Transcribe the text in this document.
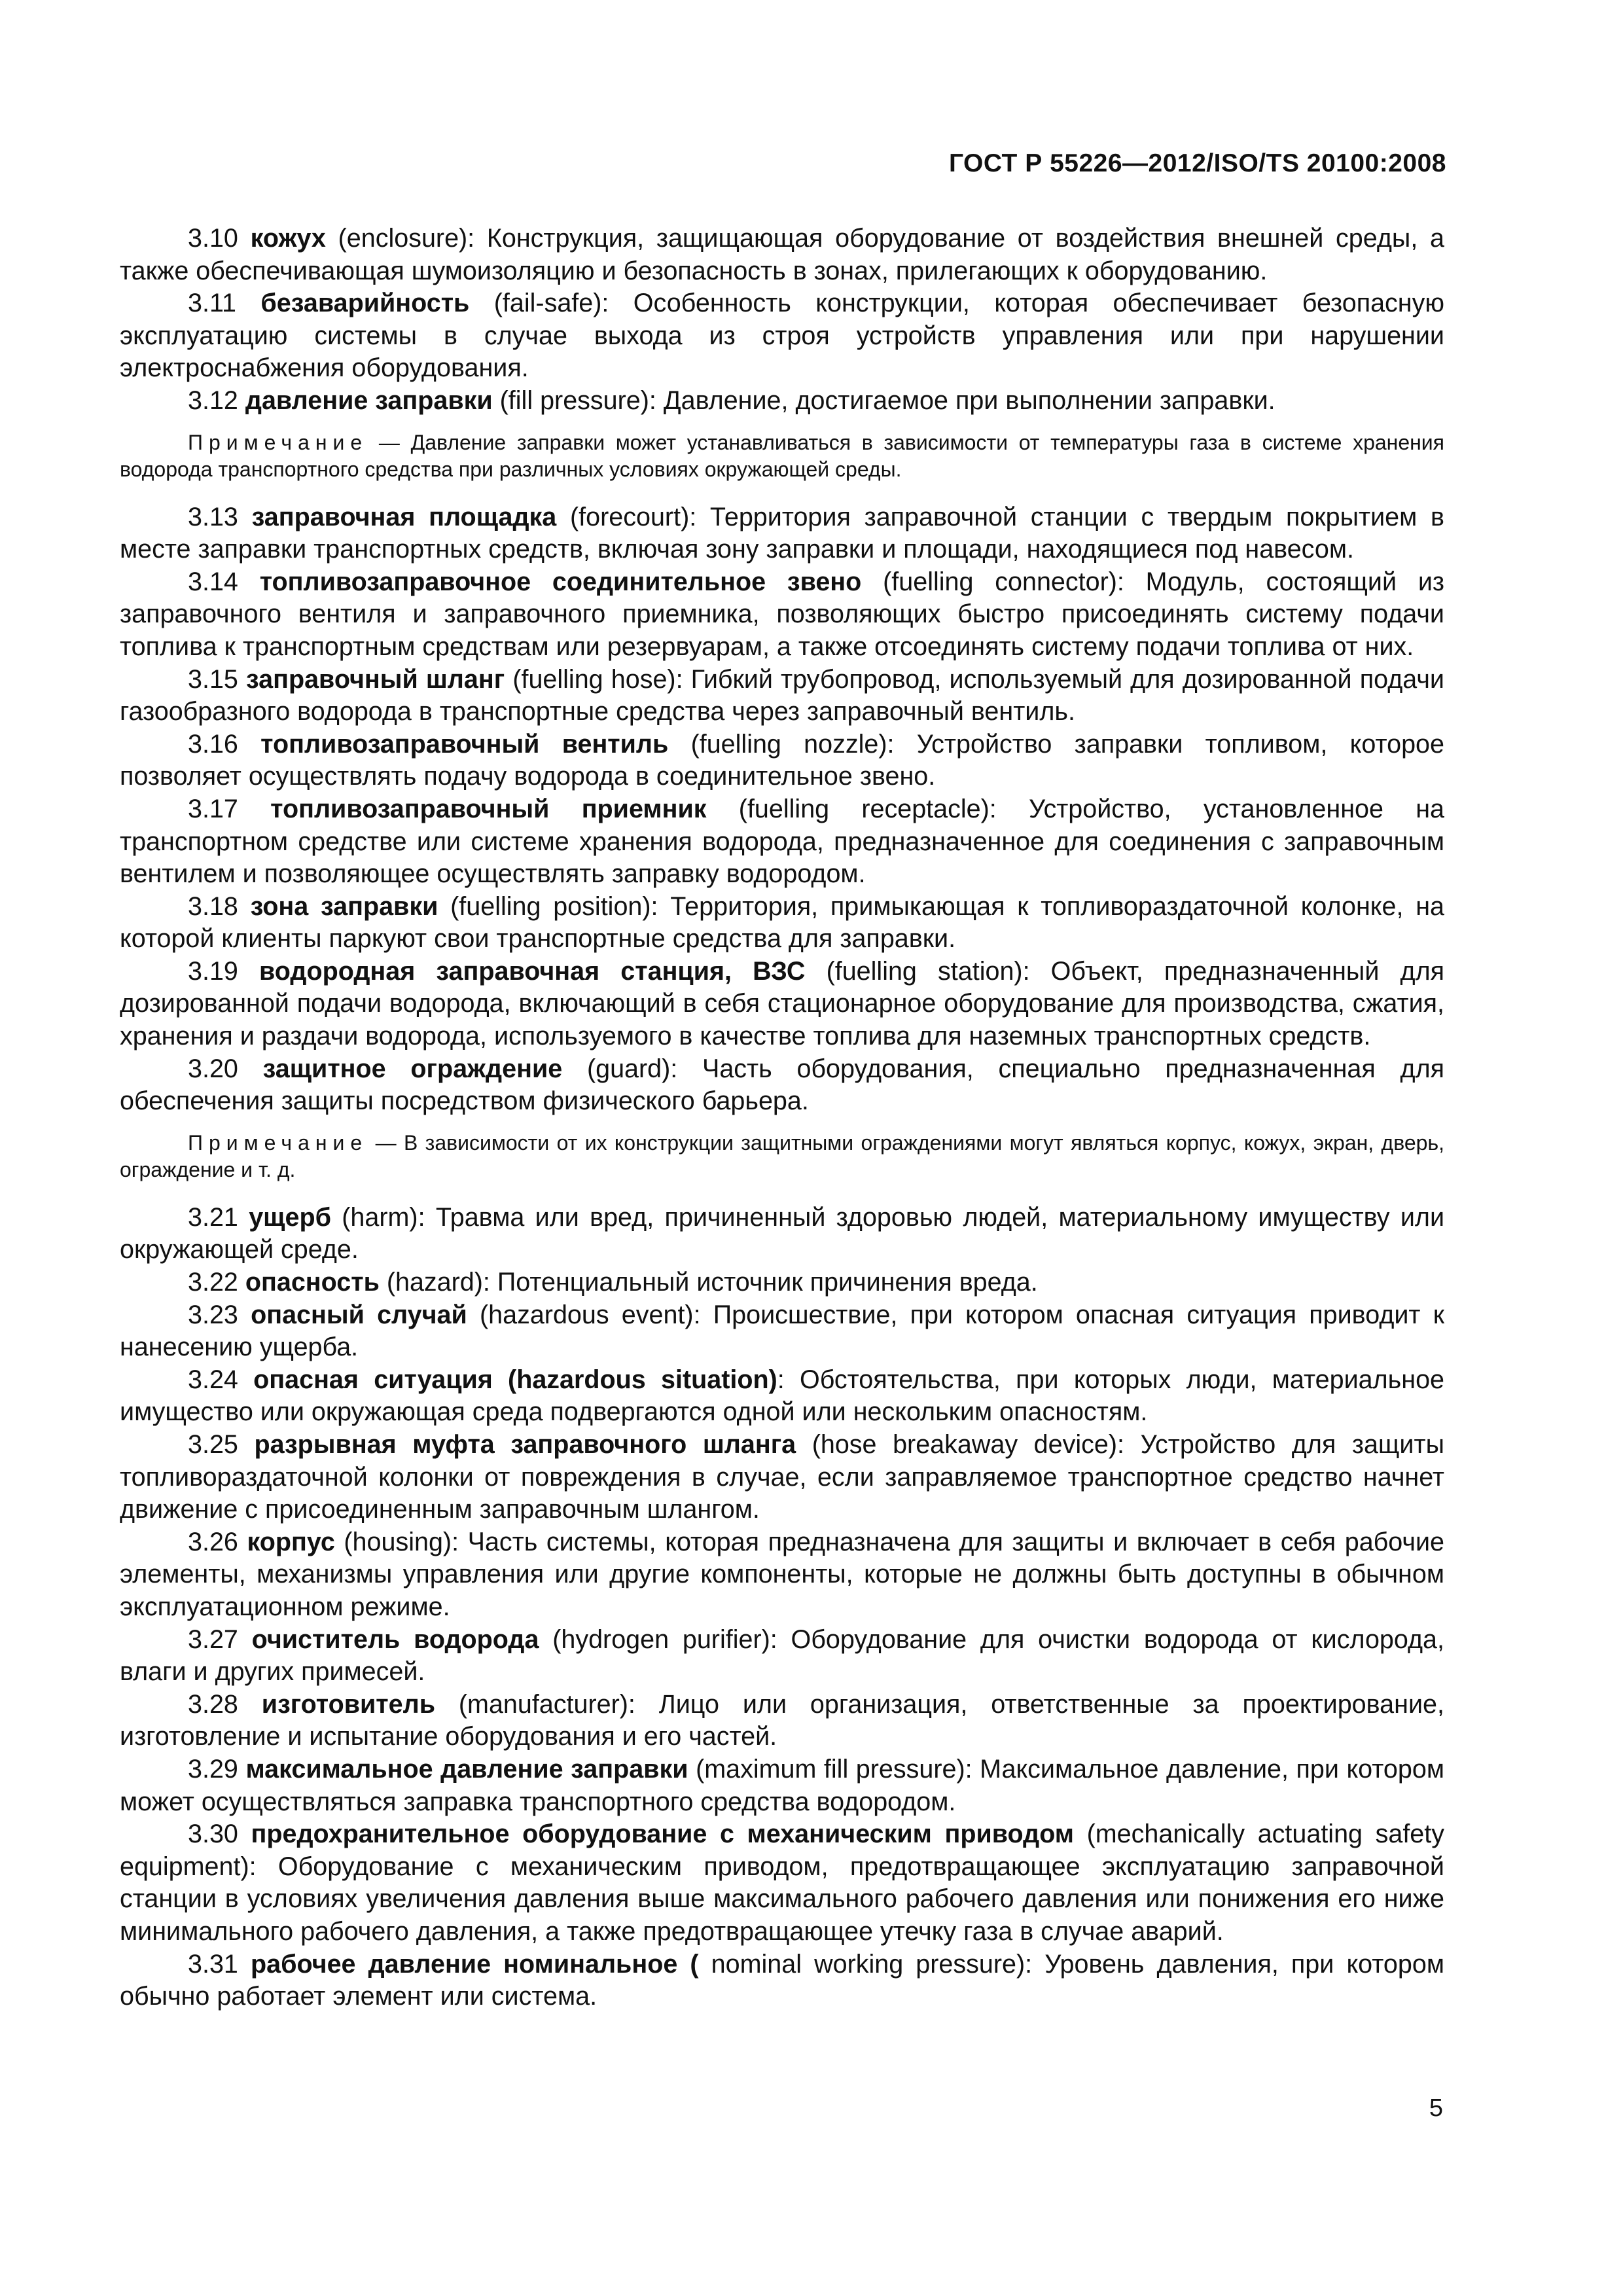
ГОСТ Р 55226—2012/ISO/TS 20100:2008

3.10 кожух (enclosure): Конструкция, защищающая оборудование от воздействия внешней среды, а также обеспечивающая шумоизоляцию и безопасность в зонах, прилегающих к оборудованию.

3.11 безаварийность (fail-safe): Особенность конструкции, которая обеспечивает безопасную эксплуатацию системы в случае выхода из строя устройств управления или при нарушении электроснабжения оборудования.

3.12 давление заправки (fill pressure): Давление, достигаемое при выполнении заправки.

Примечание — Давление заправки может устанавливаться в зависимости от температуры газа в системе хранения водорода транспортного средства при различных условиях окружающей среды.

3.13 заправочная площадка (forecourt): Территория заправочной станции с твердым покрытием в месте заправки транспортных средств, включая зону заправки и площади, находящиеся под навесом.

3.14 топливозаправочное соединительное звено (fuelling connector): Модуль, состоящий из заправочного вентиля и заправочного приемника, позволяющих быстро присоединять систему подачи топлива к транспортным средствам или резервуарам, а также отсоединять систему подачи топлива от них.

3.15 заправочный шланг (fuelling hose): Гибкий трубопровод, используемый для дозированной подачи газообразного водорода в транспортные средства через заправочный вентиль.

3.16 топливозаправочный вентиль (fuelling nozzle): Устройство заправки топливом, которое позволяет осуществлять подачу водорода в соединительное звено.

3.17 топливозаправочный приемник (fuelling receptacle): Устройство, установленное на транспортном средстве или системе хранения водорода, предназначенное для соединения с заправочным вентилем и позволяющее осуществлять заправку водородом.

3.18 зона заправки (fuelling position): Территория, примыкающая к топливораздаточной колонке, на которой клиенты паркуют свои транспортные средства для заправки.

3.19 водородная заправочная станция, ВЗС (fuelling station): Объект, предназначенный для дозированной подачи водорода, включающий в себя стационарное оборудование для производства, сжатия, хранения и раздачи водорода, используемого в качестве топлива для наземных транспортных средств.

3.20 защитное ограждение (guard): Часть оборудования, специально предназначенная для обеспечения защиты посредством физического барьера.

Примечание — В зависимости от их конструкции защитными ограждениями могут являться корпус, кожух, экран, дверь, ограждение и т. д.

3.21 ущерб (harm): Травма или вред, причиненный здоровью людей, материальному имуществу или окружающей среде.

3.22 опасность (hazard): Потенциальный источник причинения вреда.

3.23 опасный случай (hazardous event): Происшествие, при котором опасная ситуация приводит к нанесению ущерба.

3.24 опасная ситуация (hazardous situation): Обстоятельства, при которых люди, материальное имущество или окружающая среда подвергаются одной или нескольким опасностям.

3.25 разрывная муфта заправочного шланга (hose breakaway device): Устройство для защиты топливораздаточной колонки от повреждения в случае, если заправляемое транспортное средство начнет движение с присоединенным заправочным шлангом.

3.26 корпус (housing): Часть системы, которая предназначена для защиты и включает в себя рабочие элементы, механизмы управления или другие компоненты, которые не должны быть доступны в обычном эксплуатационном режиме.

3.27 очиститель водорода (hydrogen purifier): Оборудование для очистки водорода от кислорода, влаги и других примесей.

3.28 изготовитель (manufacturer): Лицо или организация, ответственные за проектирование, изготовление и испытание оборудования и его частей.

3.29 максимальное давление заправки (maximum fill pressure): Максимальное давление, при котором может осуществляться заправка транспортного средства водородом.

3.30 предохранительное оборудование с механическим приводом (mechanically actuating safety equipment): Оборудование с механическим приводом, предотвращающее эксплуатацию заправочной станции в условиях увеличения давления выше максимального рабочего давления или понижения его ниже минимального рабочего давления, а также предотвращающее утечку газа в случае аварий.

3.31 рабочее давление номинальное ( nominal working pressure): Уровень давления, при котором обычно работает элемент или система.

5
